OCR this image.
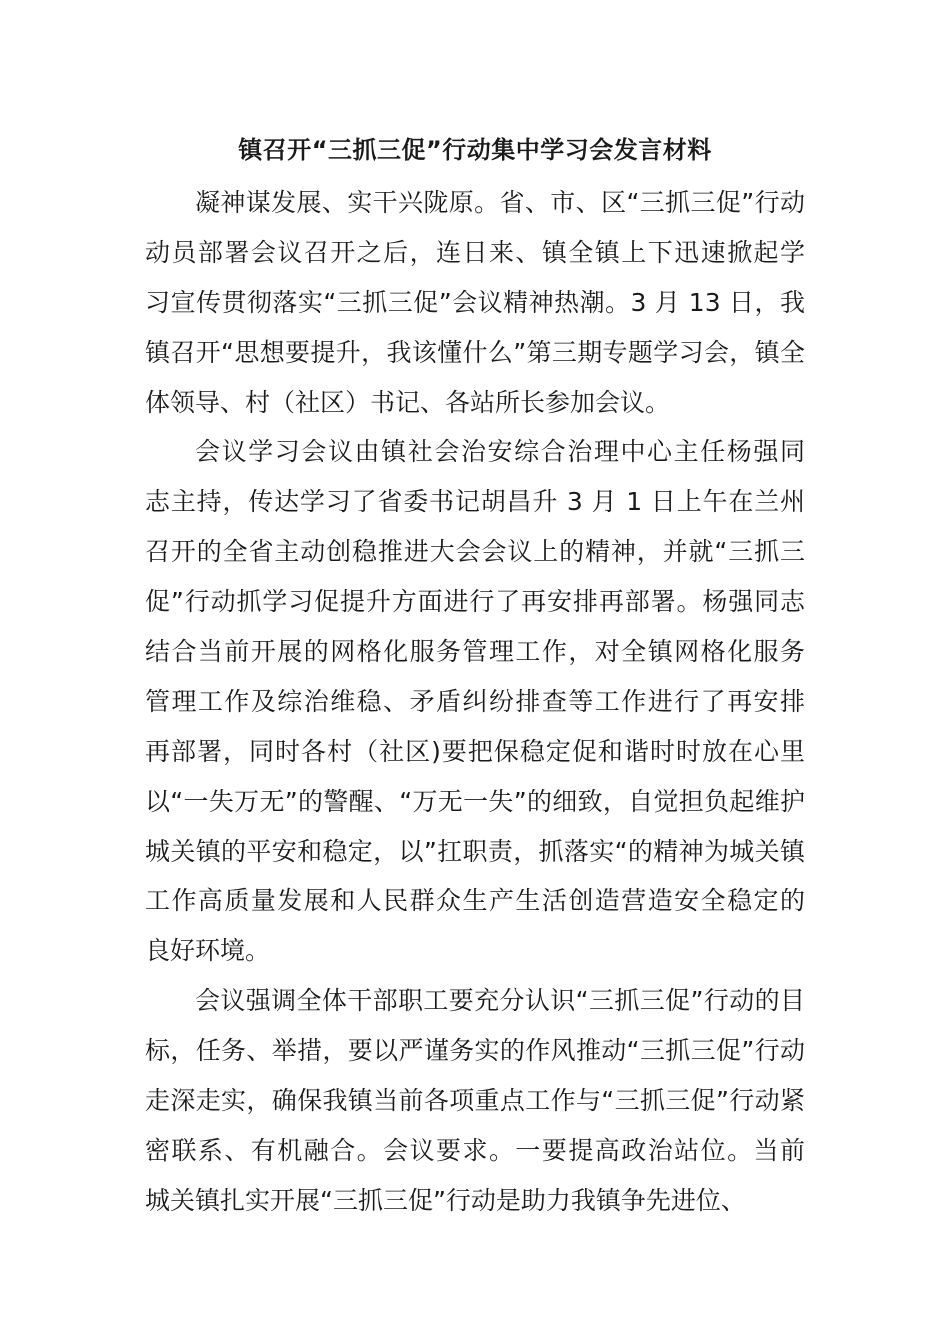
镇召开“三抓三促”行动集中学习会发言材料
凝神谋发展、实干兴陇原。省、市、区“三抓三促”行动
动员部署会议召开之后，连日来、镇全镇上下迅速掀起学
习宣传贯彻落实“三抓三促”会议精神热潮。3 月 13 日，我
镇召开“思想要提升，我该懂什么”第三期专题学习会，镇全
体领导、村（社区）书记、各站所长参加会议。
会议学习会议由镇社会治安综合治理中心主任杨强同
志主持，传达学习了省委书记胡昌升 3 月 1 日上午在兰州
召开的全省主动创稳推进大会会议上的精神，并就“三抓三
促”行动抓学习促提升方面进行了再安排再部署。杨强同志
结合当前开展的网格化服务管理工作，对全镇网格化服务
管理工作及综治维稳、矛盾纠纷排查等工作进行了再安排
再部署，同时各村（社区)要把保稳定促和谐时时放在心里
以“一失万无”的警醒、“万无一失”的细致，自觉担负起维护
城关镇的平安和稳定，以”扛职责，抓落实“的精神为城关镇
工作高质量发展和人民群众生产生活创造营造安全稳定的
良好环境。
会议强调全体干部职工要充分认识“三抓三促”行动的目
标，任务、举措，要以严谨务实的作风推动“三抓三促”行动
走深走实，确保我镇当前各项重点工作与“三抓三促”行动紧
密联系、有机融合。会议要求。一要提高政治站位。当前
城关镇扎实开展“三抓三促”行动是助力我镇争先进位、
